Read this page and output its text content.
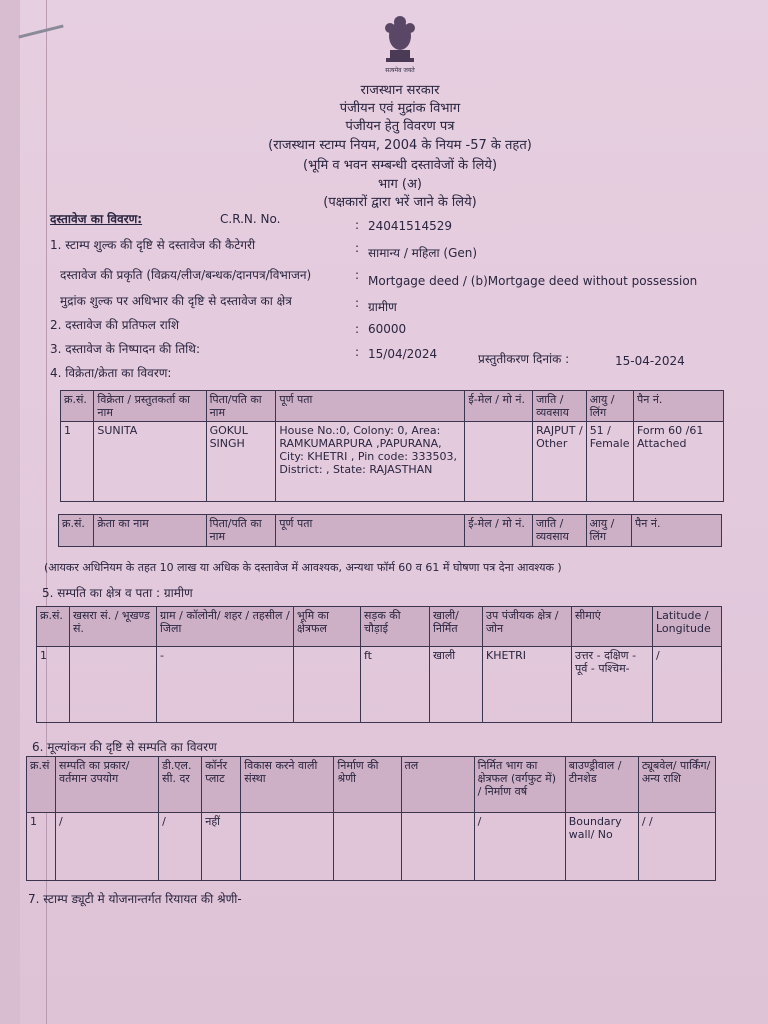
सत्यमेव जयते
राजस्थान सरकार
पंजीयन एवं मुद्रांक विभाग
पंजीयन हेतु विवरण पत्र
(राजस्थान स्टाम्प नियम, 2004 के नियम -57 के तहत)
(भूमि व भवन सम्बन्धी दस्तावेजों के लिये)
भाग (अ)
(पक्षकारों द्वारा भरें जाने के लिये)
दस्तावेज का विवरण:	C.R.N. No.	: 24041514529
1. स्टाम्प शुल्क की दृष्टि से दस्तावेज की कैटेगरी	: सामान्य / महिला (Gen)
दस्तावेज की प्रकृति (विक्रय/लीज/बन्धक/दानपत्र/विभाजन)	: Mortgage deed / (b)Mortgage deed without possession
मुद्रांक शुल्क पर अधिभार की दृष्टि से दस्तावेज का क्षेत्र	: ग्रामीण
2. दस्तावेज की प्रतिफल राशि	: 60000
3. दस्तावेज के निष्पादन की तिथि:	: 15/04/2024	प्रस्तुतीकरण दिनांक :	15-04-2024
4. विक्रेता/क्रेता का विवरण:
क्र.सं.	विक्रेता / प्रस्तुतकर्ता का नाम	पिता/पति का नाम	पूर्ण पता	ई-मेल / मो नं.	जाति / व्यवसाय	आयु / लिंग	पैन नं.
1	SUNITA	GOKUL SINGH	House No.:0, Colony: 0, Area: RAMKUMARPURA ,PAPURANA, City: KHETRI , Pin code: 333503, District: , State: RAJASTHAN		RAJPUT / Other	51 / Female	Form 60 /61 Attached
क्र.सं.	क्रेता का नाम	पिता/पति का नाम	पूर्ण पता	ई-मेल / मो नं.	जाति / व्यवसाय	आयु / लिंग	पैन नं.
(आयकर अधिनियम के तहत 10 लाख या अधिक के दस्तावेज में आवश्यक, अन्यथा फॉर्म 60 व 61 में घोषणा पत्र देना आवश्यक )
5. सम्पति का क्षेत्र व पता : ग्रामीण
क्र.सं.	खसरा सं. / भूखण्ड सं.	ग्राम / कॉलोनी/ शहर / तहसील / जिला	भूमि का क्षेत्रफल	सड़क की चौड़ाई	खाली/ निर्मित	उप पंजीयक क्षेत्र / जोन	सीमाएं	Latitude / Longitude
1		-		ft	खाली	KHETRI	उत्तर - दक्षिण - पूर्व - पश्चिम-	/
6. मूल्यांकन की दृष्टि से सम्पति का विवरण
क्र.सं	सम्पति का प्रकार/ वर्तमान उपयोग	डी.एल. सी. दर	कॉर्नर प्लाट	विकास करने वाली संस्था	निर्माण की श्रेणी	तल	निर्मित भाग का क्षेत्रफल (वर्गफुट में) / निर्माण वर्ष	बाउण्ड्रीवाल / टीनशेड	ट्यूबवेल/ पार्किंग/ अन्य राशि
1	/	/	नहीं				/	Boundary wall/ No	/ /
7. स्टाम्प ड्यूटी मे योजनान्तर्गत रियायत की श्रेणी-
